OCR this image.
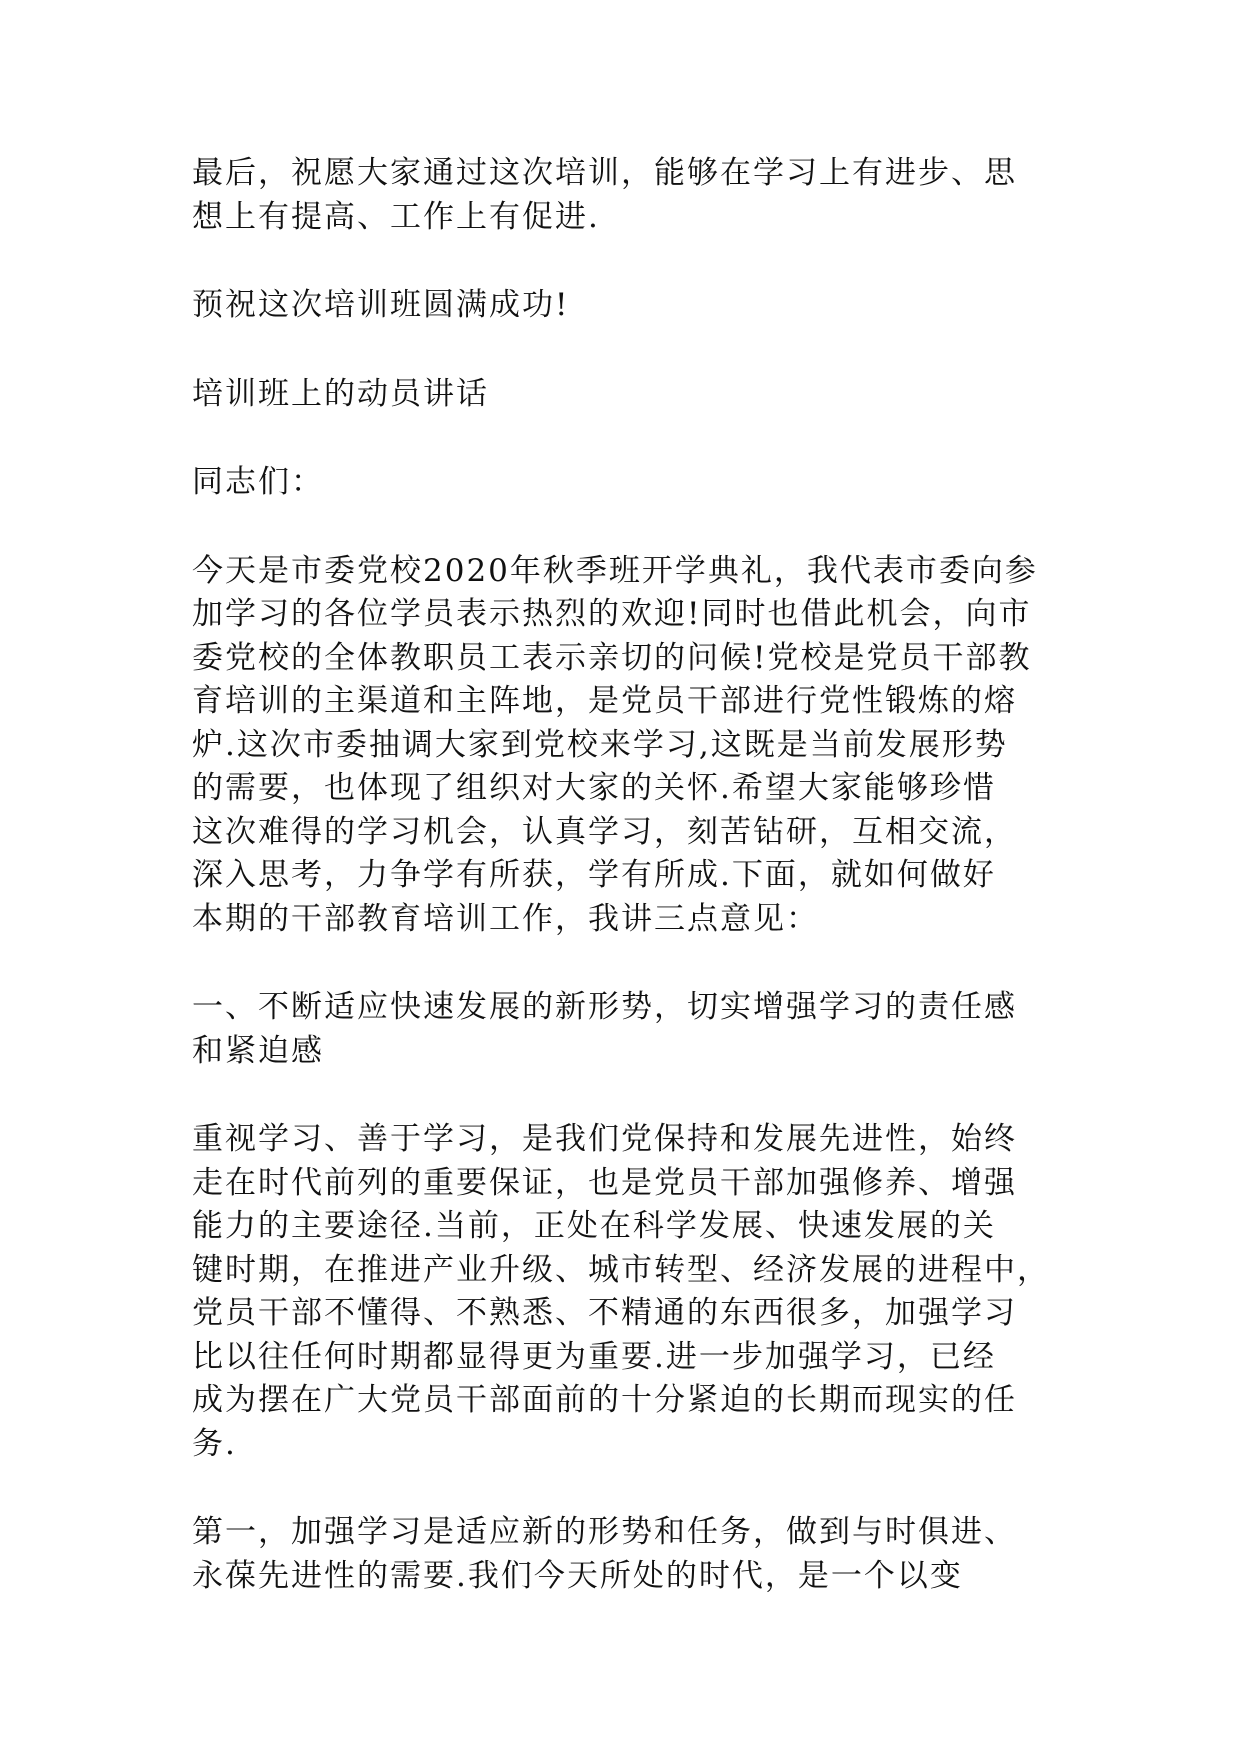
最后，祝愿大家通过这次培训，能够在学习上有进步、思
想上有提高、工作上有促进.

预祝这次培训班圆满成功!

培训班上的动员讲话

同志们：

今天是市委党校2020年秋季班开学典礼，我代表市委向参
加学习的各位学员表示热烈的欢迎!同时也借此机会，向市
委党校的全体教职员工表示亲切的问候!党校是党员干部教
育培训的主渠道和主阵地，是党员干部进行党性锻炼的熔
炉.这次市委抽调大家到党校来学习,这既是当前发展形势
的需要，也体现了组织对大家的关怀.希望大家能够珍惜
这次难得的学习机会，认真学习，刻苦钻研，互相交流，
深入思考，力争学有所获，学有所成.下面，就如何做好
本期的干部教育培训工作，我讲三点意见：

一、不断适应快速发展的新形势，切实增强学习的责任感
和紧迫感

重视学习、善于学习，是我们党保持和发展先进性，始终
走在时代前列的重要保证，也是党员干部加强修养、增强
能力的主要途径.当前，正处在科学发展、快速发展的关
键时期，在推进产业升级、城市转型、经济发展的进程中，
党员干部不懂得、不熟悉、不精通的东西很多，加强学习
比以往任何时期都显得更为重要.进一步加强学习，已经
成为摆在广大党员干部面前的十分紧迫的长期而现实的任
务.

第一，加强学习是适应新的形势和任务，做到与时俱进、
永葆先进性的需要.我们今天所处的时代，是一个以变
